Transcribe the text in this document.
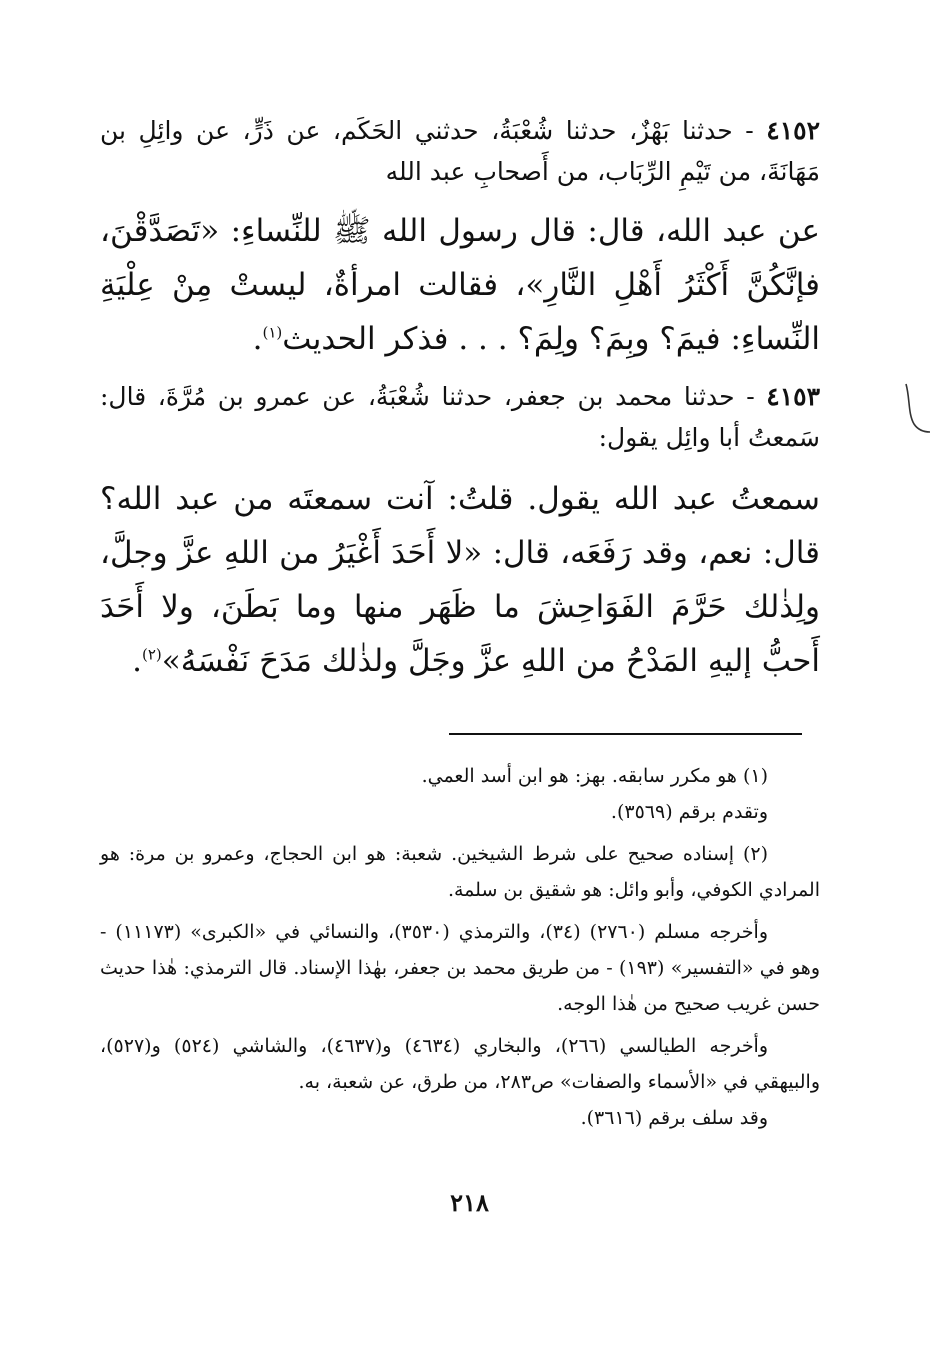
٤١٥٢ - حدثنا بَهْزٌ، حدثنا شُعْبَةُ، حدثني الحَكَم، عن ذَرٍّ، عن وائِلِ بن مَهَانَةَ، من تَيْمِ الرِّبَاب، من أَصحابِ عبد الله

عن عبد الله، قال: قال رسول الله ﷺ للنِّساءِ: «تَصَدَّقْنَ، فإنَّكُنَّ أَكْثَرُ أَهْلِ النَّارِ»، فقالت امرأةٌ، ليستْ مِنْ عِلْيَةِ النِّساءِ: فيمَ؟ وبِمَ؟ ولِمَ؟ . . . فذكر الحديث$^{(١)}$.

٤١٥٣ - حدثنا محمد بن جعفر، حدثنا شُعْبَةُ، عن عمرو بن مُرَّةَ، قال: سَمعتُ أبا وائِل يقول:

سمعتُ عبد الله يقول. قلتُ: آنت سمعتَه من عبد الله؟ قال: نعم، وقد رَفَعَه، قال: «لا أَحَدَ أَغْيَرُ من اللهِ عزَّ وجلَّ، ولِذٰلك حَرَّمَ الفَوَاحِشَ ما ظَهَر منها وما بَطَنَ، ولا أَحَدَ أَحبُّ إليهِ المَدْحُ من اللهِ عزَّ وجَلَّ ولذٰلك مَدَحَ نَفْسَهُ»$^{(٢)}$.

(١) هو مكرر سابقه. بهز: هو ابن أسد العمي.

وتقدم برقم (٣٥٦٩).

(٢) إسناده صحيح على شرط الشيخين. شعبة: هو ابن الحجاج، وعمرو بن مرة: هو المرادي الكوفي، وأبو وائل: هو شقيق بن سلمة.

وأخرجه مسلم (٢٧٦٠) (٣٤)، والترمذي (٣٥٣٠)، والنسائي في «الكبرى» (١١١٧٣) - وهو في «التفسير» (١٩٣) - من طريق محمد بن جعفر، بهٰذا الإسناد. قال الترمذي: هٰذا حديث حسن غريب صحيح من هٰذا الوجه.

وأخرجه الطيالسي (٢٦٦)، والبخاري (٤٦٣٤) و(٤٦٣٧)، والشاشي (٥٢٤) و(٥٢٧)، والبيهقي في «الأسماء والصفات» ص٢٨٣، من طرق، عن شعبة، به.

وقد سلف برقم (٣٦١٦).

٢١٨
